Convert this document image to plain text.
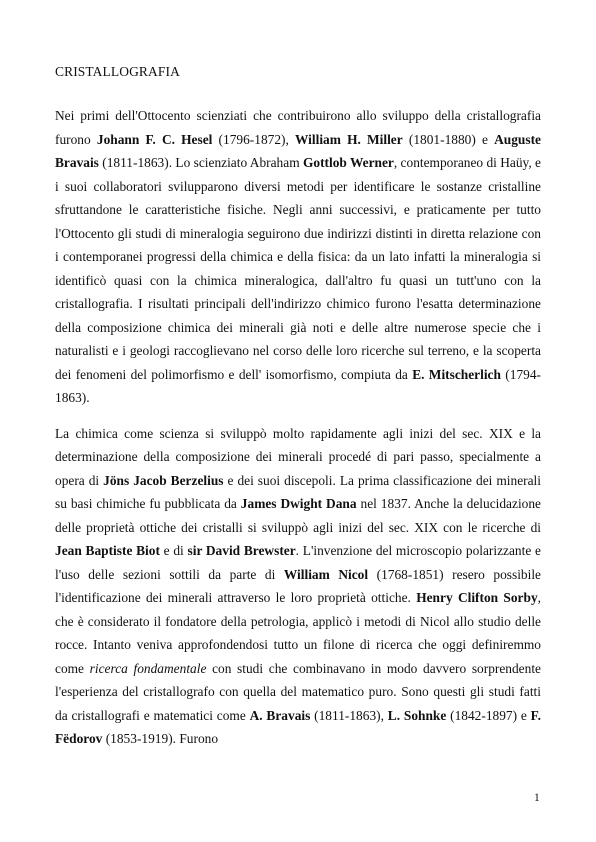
CRISTALLOGRAFIA

Nei primi dell'Ottocento scienziati che contribuirono allo sviluppo della cristallografia furono Johann F. C. Hesel (1796-1872), William H. Miller (1801-1880) e Auguste Bravais (1811-1863). Lo scienziato Abraham Gottlob Werner, contemporaneo di Haüy, e i suoi collaboratori svilupparono diversi metodi per identificare le sostanze cristalline sfruttandone le caratteristiche fisiche. Negli anni successivi, e praticamente per tutto l'Ottocento gli studi di mineralogia seguirono due indirizzi distinti in diretta relazione con i contemporanei progressi della chimica e della fisica: da un lato infatti la mineralogia si identificò quasi con la chimica mineralogica, dall'altro fu quasi un tutt'uno con la cristallografia. I risultati principali dell'indirizzo chimico furono l'esatta determinazione della composizione chimica dei minerali già noti e delle altre numerose specie che i naturalisti e i geologi raccoglievano nel corso delle loro ricerche sul terreno, e la scoperta dei fenomeni del polimorfismo e dell' isomorfismo, compiuta da E. Mitscherlich (1794-1863).

La chimica come scienza si sviluppò molto rapidamente agli inizi del sec. XIX e la determinazione della composizione dei minerali procedé di pari passo, specialmente a opera di Jöns Jacob Berzelius e dei suoi discepoli. La prima classificazione dei minerali su basi chimiche fu pubblicata da James Dwight Dana nel 1837. Anche la delucidazione delle proprietà ottiche dei cristalli si sviluppò agli inizi del sec. XIX con le ricerche di Jean Baptiste Biot e di sir David Brewster. L'invenzione del microscopio polarizzante e l'uso delle sezioni sottili da parte di William Nicol (1768-1851) resero possibile l'identificazione dei minerali attraverso le loro proprietà ottiche. Henry Clifton Sorby, che è considerato il fondatore della petrologia, applicò i metodi di Nicol allo studio delle rocce. Intanto veniva approfondendosi tutto un filone di ricerca che oggi definiremmo come ricerca fondamentale con studi che combinavano in modo davvero sorprendente l'esperienza del cristallografo con quella del matematico puro. Sono questi gli studi fatti da cristallografi e matematici come A. Bravais (1811-1863), L. Sohnke (1842-1897) e F. Fëdorov (1853-1919). Furono

1
